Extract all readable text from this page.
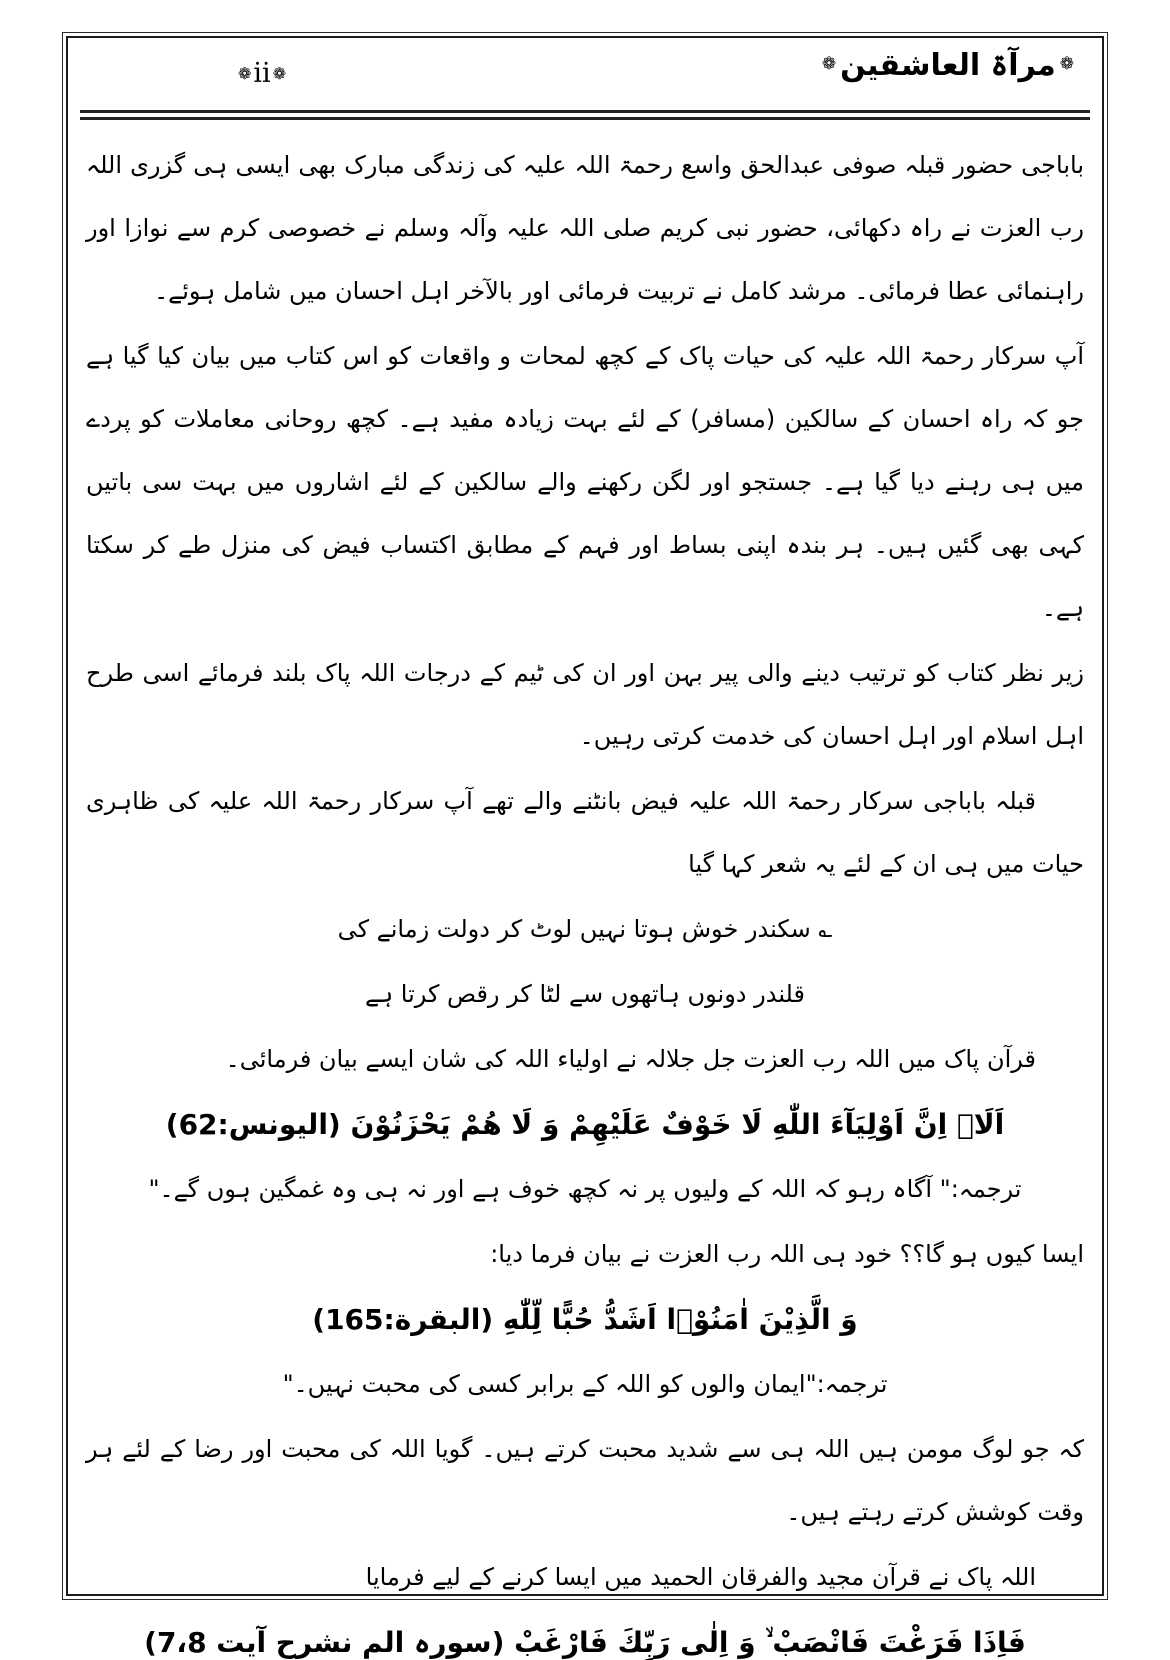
❁مرآۃ العاشقین❁
❁ii ❁
باباجی حضور قبلہ صوفی عبدالحق واسع رحمۃ اللہ علیہ کی زندگی مبارک بھی ایسی ہی گزری اللہ رب العزت نے راہ دکھائی، حضور نبی کریم صلی اللہ علیہ وآلہ وسلم نے خصوصی کرم سے نوازا اور راہنمائی عطا فرمائی۔ مرشد کامل نے تربیت فرمائی اور بالآخر اہل احسان میں شامل ہوئے۔
آپ سرکار رحمۃ اللہ علیہ کی حیات پاک کے کچھ لمحات و واقعات کو اس کتاب میں بیان کیا گیا ہے جو کہ راہ احسان کے سالکین (مسافر) کے لئے بہت زیادہ مفید ہے۔ کچھ روحانی معاملات کو پردے میں ہی رہنے دیا گیا ہے۔ جستجو اور لگن رکھنے والے سالکین کے لئے اشاروں میں بہت سی باتیں کہی بھی گئیں ہیں۔ ہر بندہ اپنی بساط اور فہم کے مطابق اکتساب فیض کی منزل طے کر سکتا ہے۔
زیر نظر کتاب کو ترتیب دینے والی پیر بہن اور ان کی ٹیم کے درجات اللہ پاک بلند فرمائے اسی طرح اہل اسلام اور اہل احسان کی خدمت کرتی رہیں۔
قبلہ باباجی سرکار رحمۃ اللہ علیہ فیض بانٹنے والے تھے آپ سرکار رحمۃ اللہ علیہ کی ظاہری حیات میں ہی ان کے لئے یہ شعر کہا گیا
؎ سکندر خوش ہوتا نہیں لوٹ کر دولت زمانے کی
قلندر دونوں ہاتھوں سے لٹا کر رقص کرتا ہے
قرآن پاک میں اللہ رب العزت جل جلالہ نے اولیاء اللہ کی شان ایسے بیان فرمائی۔
اَلَاۤ اِنَّ اَوْلِيَآءَ اللّٰهِ لَا خَوْفٌ عَلَيْهِمْ وَ لَا هُمْ يَحْزَنُوْنَ (الیونس:62)
ترجمہ:" آگاہ رہو کہ اللہ کے ولیوں پر نہ کچھ خوف ہے اور نہ ہی وہ غمگین ہوں گے۔"
ایسا کیوں ہو گا؟؟ خود ہی اللہ رب العزت نے بیان فرما دیا:
وَ الَّذِيْنَ اٰمَنُوْۤا اَشَدُّ حُبًّا لِّلّٰهِ (البقرة:165)
ترجمہ:"ایمان والوں کو اللہ کے برابر کسی کی محبت نہیں۔"
کہ جو لوگ مومن ہیں اللہ ہی سے شدید محبت کرتے ہیں۔ گویا اللہ کی محبت اور رضا کے لئے ہر وقت کوشش کرتے رہتے ہیں۔
اللہ پاک نے قرآن مجید والفرقان الحمید میں ایسا کرنے کے لیے فرمایا
فَاِذَا فَرَغْتَ فَانْصَبْ ۙ وَ اِلٰی رَبِّكَ فَارْغَبْ (سورہ الم نشرح آیت 7،8)
